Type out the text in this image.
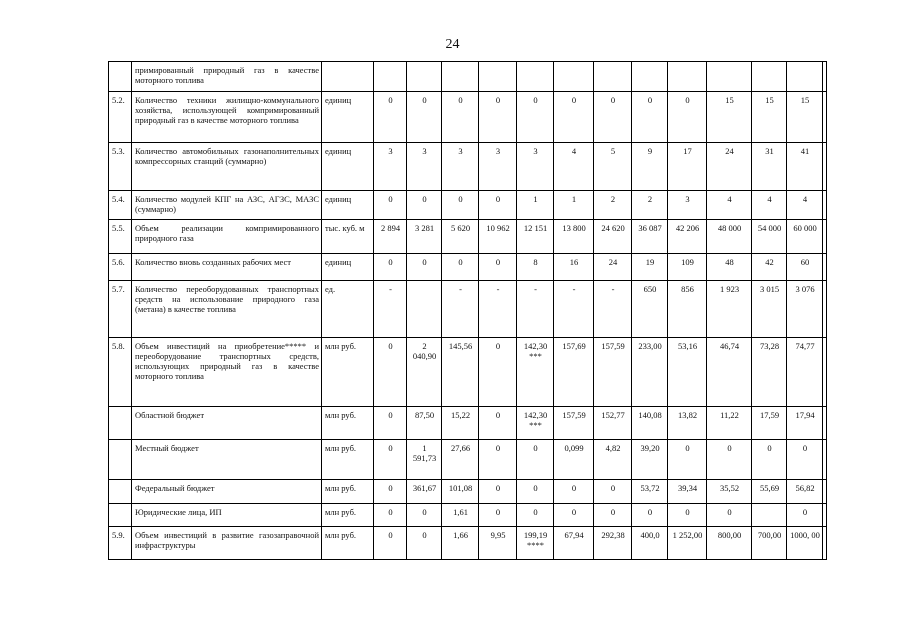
24
	примированный природный газ в качестве моторного топлива														
5.2.	Количество техники жилищно-коммунального хозяйства, использующей компримированный природный газ в качестве моторного топлива	единиц	0	0	0	0	0	0	0	0	0	15	15	15	
5.3.	Количество автомобильных газонаполнительных компрессорных станций (суммарно)	единиц	3	3	3	3	3	4	5	9	17	24	31	41	
5.4.	Количество модулей КПГ на АЗС, АГЗС, МАЗС (суммарно)	единиц	0	0	0	0	1	1	2	2	3	4	4	4	
5.5.	Объем реализации компримированного природного газа	тыс. куб. м	2 894	3 281	5 620	10 962	12 151	13 800	24 620	36 087	42 206	48 000	54 000	60 000	
5.6.	Количество вновь созданных рабочих мест	единиц	0	0	0	0	8	16	24	19	109	48	42	60	
5.7.	Количество переоборудованных транспортных средств на использование природного газа (метана) в качестве топлива	ед.	-		-	-	-	-	-	650	856	1 923	3 015	3 076	
5.8.	Объем инвестиций на приобретение***** и переоборудование транспортных средств, использующих природный газ в качестве моторного топлива	млн руб.	0	2 040,90	145,56	0	142,30 ***	157,69	157,59	233,00	53,16	46,74	73,28	74,77	
	Областной бюджет	млн руб.	0	87,50	15,22	0	142,30 ***	157,59	152,77	140,08	13,82	11,22	17,59	17,94	
	Местный бюджет	млн руб.	0	1 591,73	27,66	0	0	0,099	4,82	39,20	0	0	0	0	
	Федеральный бюджет	млн руб.	0	361,67	101,08	0	0	0	0	53,72	39,34	35,52	55,69	56,82	
	Юридические лица, ИП	млн руб.	0	0	1,61	0	0	0	0	0	0	0		0	
5.9.	Объем инвестиций в развитие газозаправочной инфраструктуры	млн руб.	0	0	1,66	9,95	199,19 ****	67,94	292,38	400,0	1 252,00	800,00	700,00	1000, 00	
